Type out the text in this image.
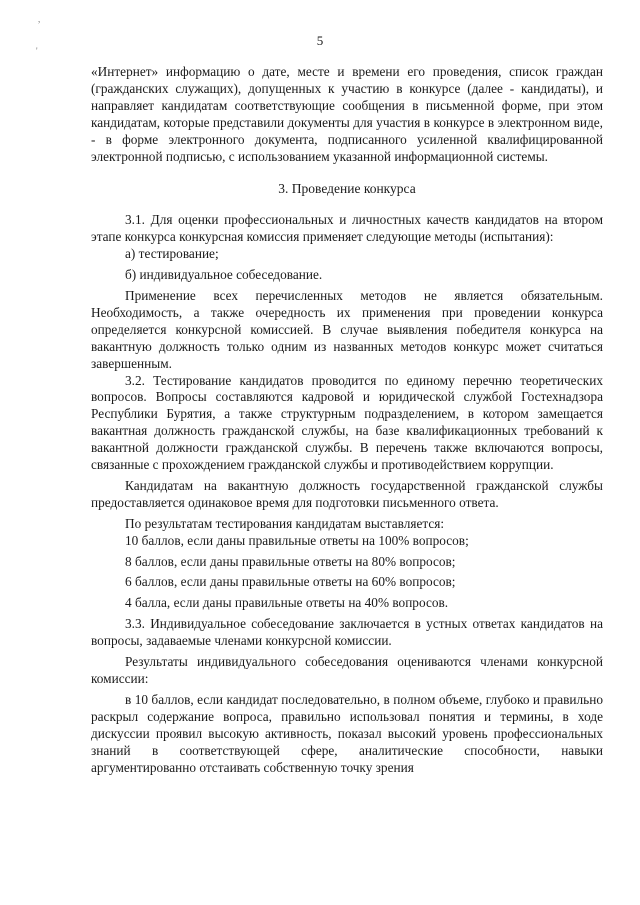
,
'
5

«Интернет» информацию о дате, месте и времени его проведения, список граждан (гражданских служащих), допущенных к участию в конкурсе (далее - кандидаты), и направляет кандидатам соответствующие сообщения в письменной форме, при этом кандидатам, которые представили документы для участия в конкурсе в электронном виде, - в форме электронного документа, подписанного усиленной квалифицированной электронной подписью, с использованием указанной информационной системы.

3. Проведение конкурса

3.1. Для оценки профессиональных и личностных качеств кандидатов на втором этапе конкурса конкурсная комиссия применяет следующие методы (испытания):

а) тестирование;

б) индивидуальное собеседование.

Применение всех перечисленных методов не является обязательным. Необходимость, а также очередность их применения при проведении конкурса определяется конкурсной комиссией. В случае выявления победителя конкурса на вакантную должность только одним из названных методов конкурс может считаться завершенным.

3.2. Тестирование кандидатов проводится по единому перечню теоретических вопросов. Вопросы составляются кадровой и юридической службой Гостехнадзора Республики Бурятия, а также структурным подразделением, в котором замещается вакантная должность гражданской службы, на базе квалификационных требований к вакантной должности гражданской службы. В перечень также включаются вопросы, связанные с прохождением гражданской службы и противодействием коррупции.

Кандидатам на вакантную должность государственной гражданской службы предоставляется одинаковое время для подготовки письменного ответа.

По результатам тестирования кандидатам выставляется:

10 баллов, если даны правильные ответы на 100% вопросов;

8 баллов, если даны правильные ответы на 80% вопросов;

6 баллов, если даны правильные ответы на 60% вопросов;

4 балла, если даны правильные ответы на 40% вопросов.

3.3. Индивидуальное собеседование заключается в устных ответах кандидатов на вопросы, задаваемые членами конкурсной комиссии.

Результаты индивидуального собеседования оцениваются членами конкурсной комиссии:

в 10 баллов, если кандидат последовательно, в полном объеме, глубоко и правильно раскрыл содержание вопроса, правильно использовал понятия и термины, в ходе дискуссии проявил высокую активность, показал высокий уровень профессиональных знаний в соответствующей сфере, аналитические способности, навыки аргументированно отстаивать собственную точку зрения
